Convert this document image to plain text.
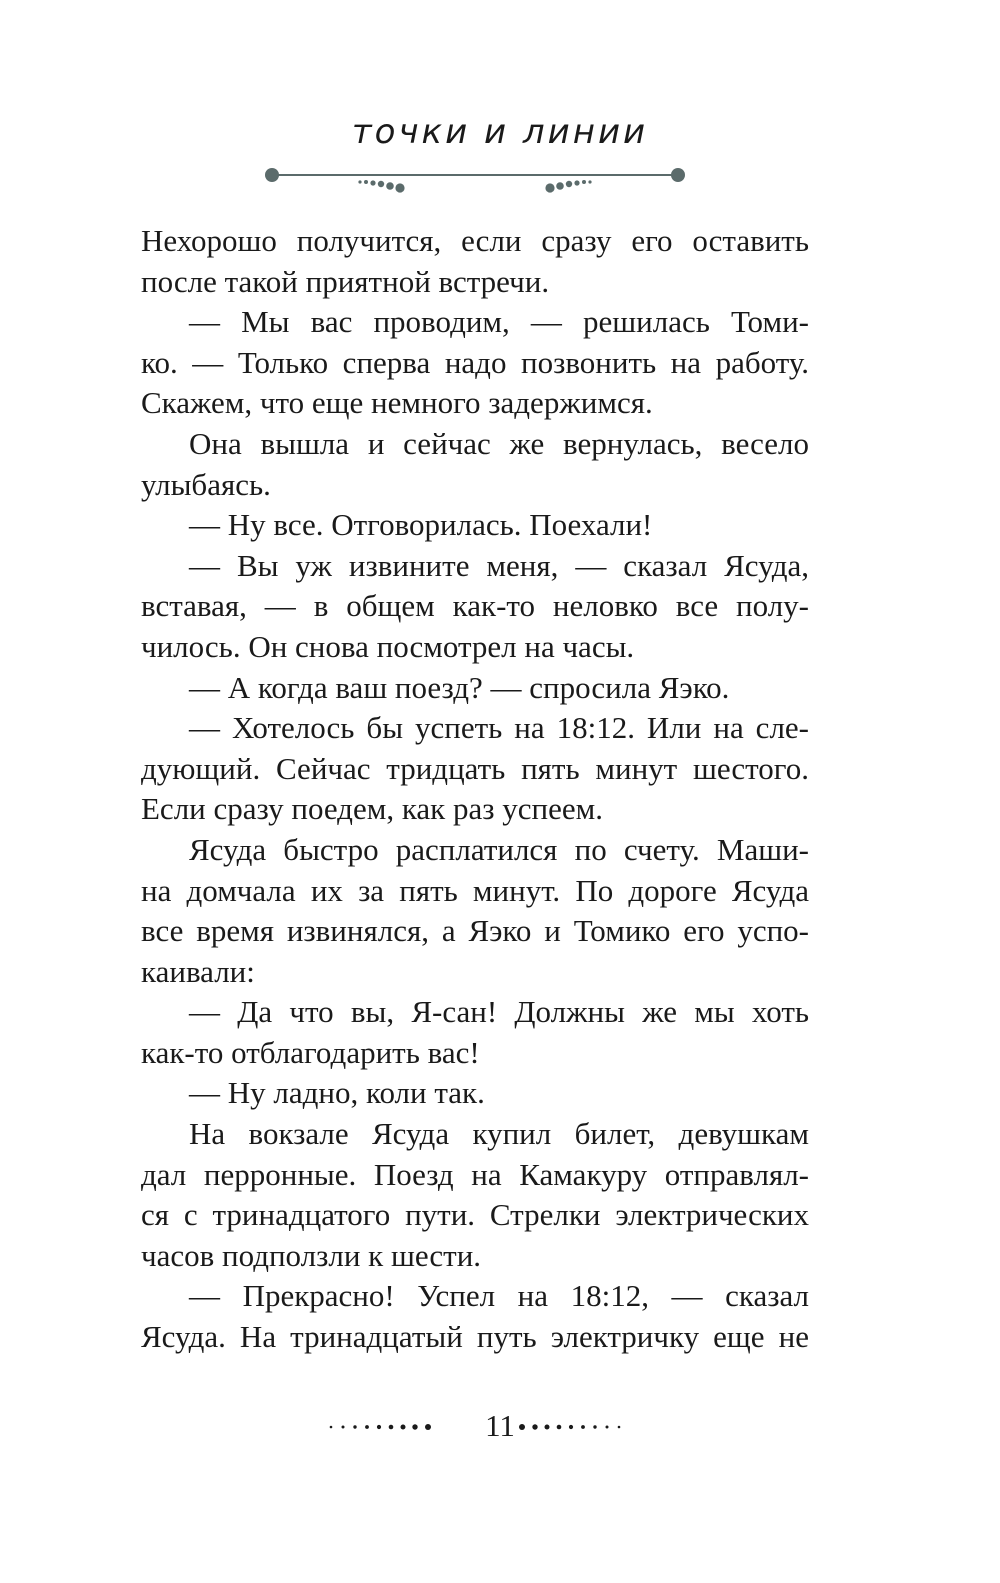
точки и линии
Нехорошо получится, если сразу его оставить
после такой приятной встречи.
— Мы вас проводим, — решилась Томи-
ко. — Только сперва надо позвонить на работу.
Скажем, что еще немного задержимся.
Она вышла и сейчас же вернулась, весело
улыбаясь.
— Ну все. Отговорилась. Поехали!
— Вы уж извините меня, — сказал Ясуда,
вставая, — в общем как-то неловко все полу-
чилось. Он снова посмотрел на часы.
— А когда ваш поезд? — спросила Яэко.
— Хотелось бы успеть на 18:12. Или на сле-
дующий. Сейчас тридцать пять минут шестого.
Если сразу поедем, как раз успеем.
Ясуда быстро расплатился по счету. Маши-
на домчала их за пять минут. По дороге Ясуда
все время извинялся, а Яэко и Томико его успо-
каивали:
— Да что вы, Я-сан! Должны же мы хоть
как-то отблагодарить вас!
— Ну ладно, коли так.
На вокзале Ясуда купил билет, девушкам
дал перронные. Поезд на Камакуру отправлял-
ся с тринадцатого пути. Стрелки электрических
часов подползли к шести.
— Прекрасно! Успел на 18:12, — сказал
Ясуда. На тринадцатый путь электричку еще не
11
